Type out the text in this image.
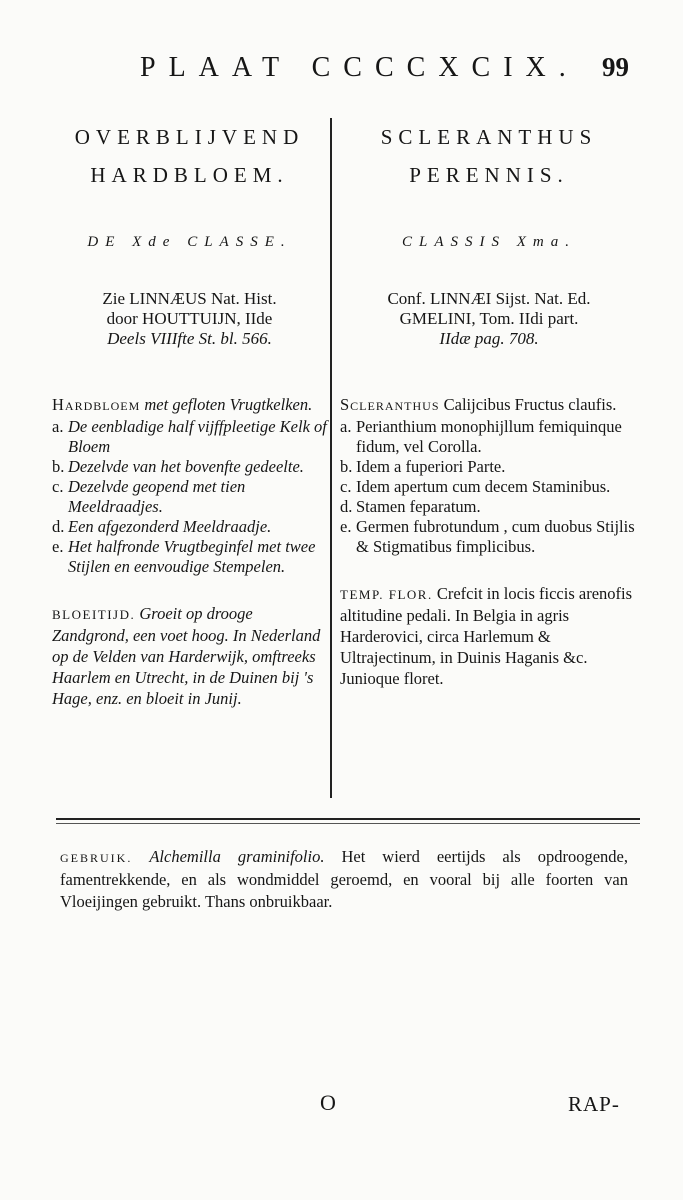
PLAAT CCCCXCIX. 99
OVERBLIJVEND
HARDBLOEM.
DE Xde CLASSE.
Zie LINNÆUS Nat. Hist.
door HOUTTUIJN, IIde
Deels VIIIfte St. bl. 566.
Hardbloem met gefloten Vrugtkelken.
a. De eenbladige half vijffpleetige Kelk of Bloem
b. Dezelvde van het bovenfte gedeelte.
c. Dezelvde geopend met tien Meeldraadjes.
d. Een afgezonderd Meeldraadje.
e. Het halfronde Vrugtbeginfel met twee Stijlen en eenvoudige Stempelen.
BLOEITIJD. Groeit op drooge Zandgrond, een voet hoog. In Nederland op de Velden van Harderwijk, omftreeks Haarlem en Utrecht, in de Duinen bij 's Hage, enz. en bloeit in Junij.
SCLERANTHUS
PERENNIS.
CLASSIS Xma.
Conf. LINNÆI Sijst. Nat. Ed.
GMELINI, Tom. IIdi part.
IIdæ pag. 708.
Scleranthus Calijcibus Fructus claufis.
a. Perianthium monophijllum femiquinque fidum, vel Corolla.
b. Idem a fuperiori Parte.
c. Idem apertum cum decem Staminibus.
d. Stamen feparatum.
e. Germen fubrotundum , cum duobus Stijlis & Stigmatibus fimplicibus.
TEMP. FLOR. Crefcit in locis ficcis arenofis altitudine pedali. In Belgia in agris Harderovici, circa Harlemum & Ultrajectinum, in Duinis Haganis &c. Junioque floret.
GEBRUIK. Alchemilla graminifolio. Het wierd eertijds als opdroogende, famentrekkende, en als wondmiddel geroemd, en vooral bij alle foorten van Vloeijingen gebruikt. Thans onbruikbaar.
O	RAP-
